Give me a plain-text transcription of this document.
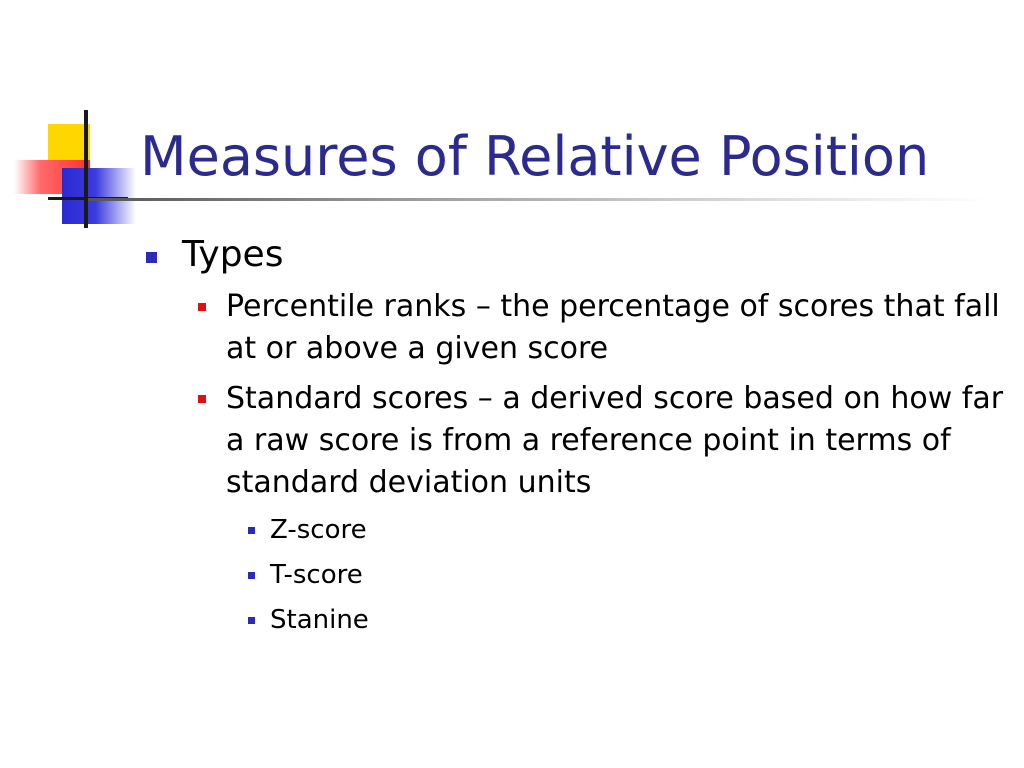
Measures of Relative Position
Types
Percentile ranks – the percentage of scores that fall at or above a given score
Standard scores – a derived score based on how far a raw score is from a reference point in terms of standard deviation units
Z-score
T-score
Stanine
